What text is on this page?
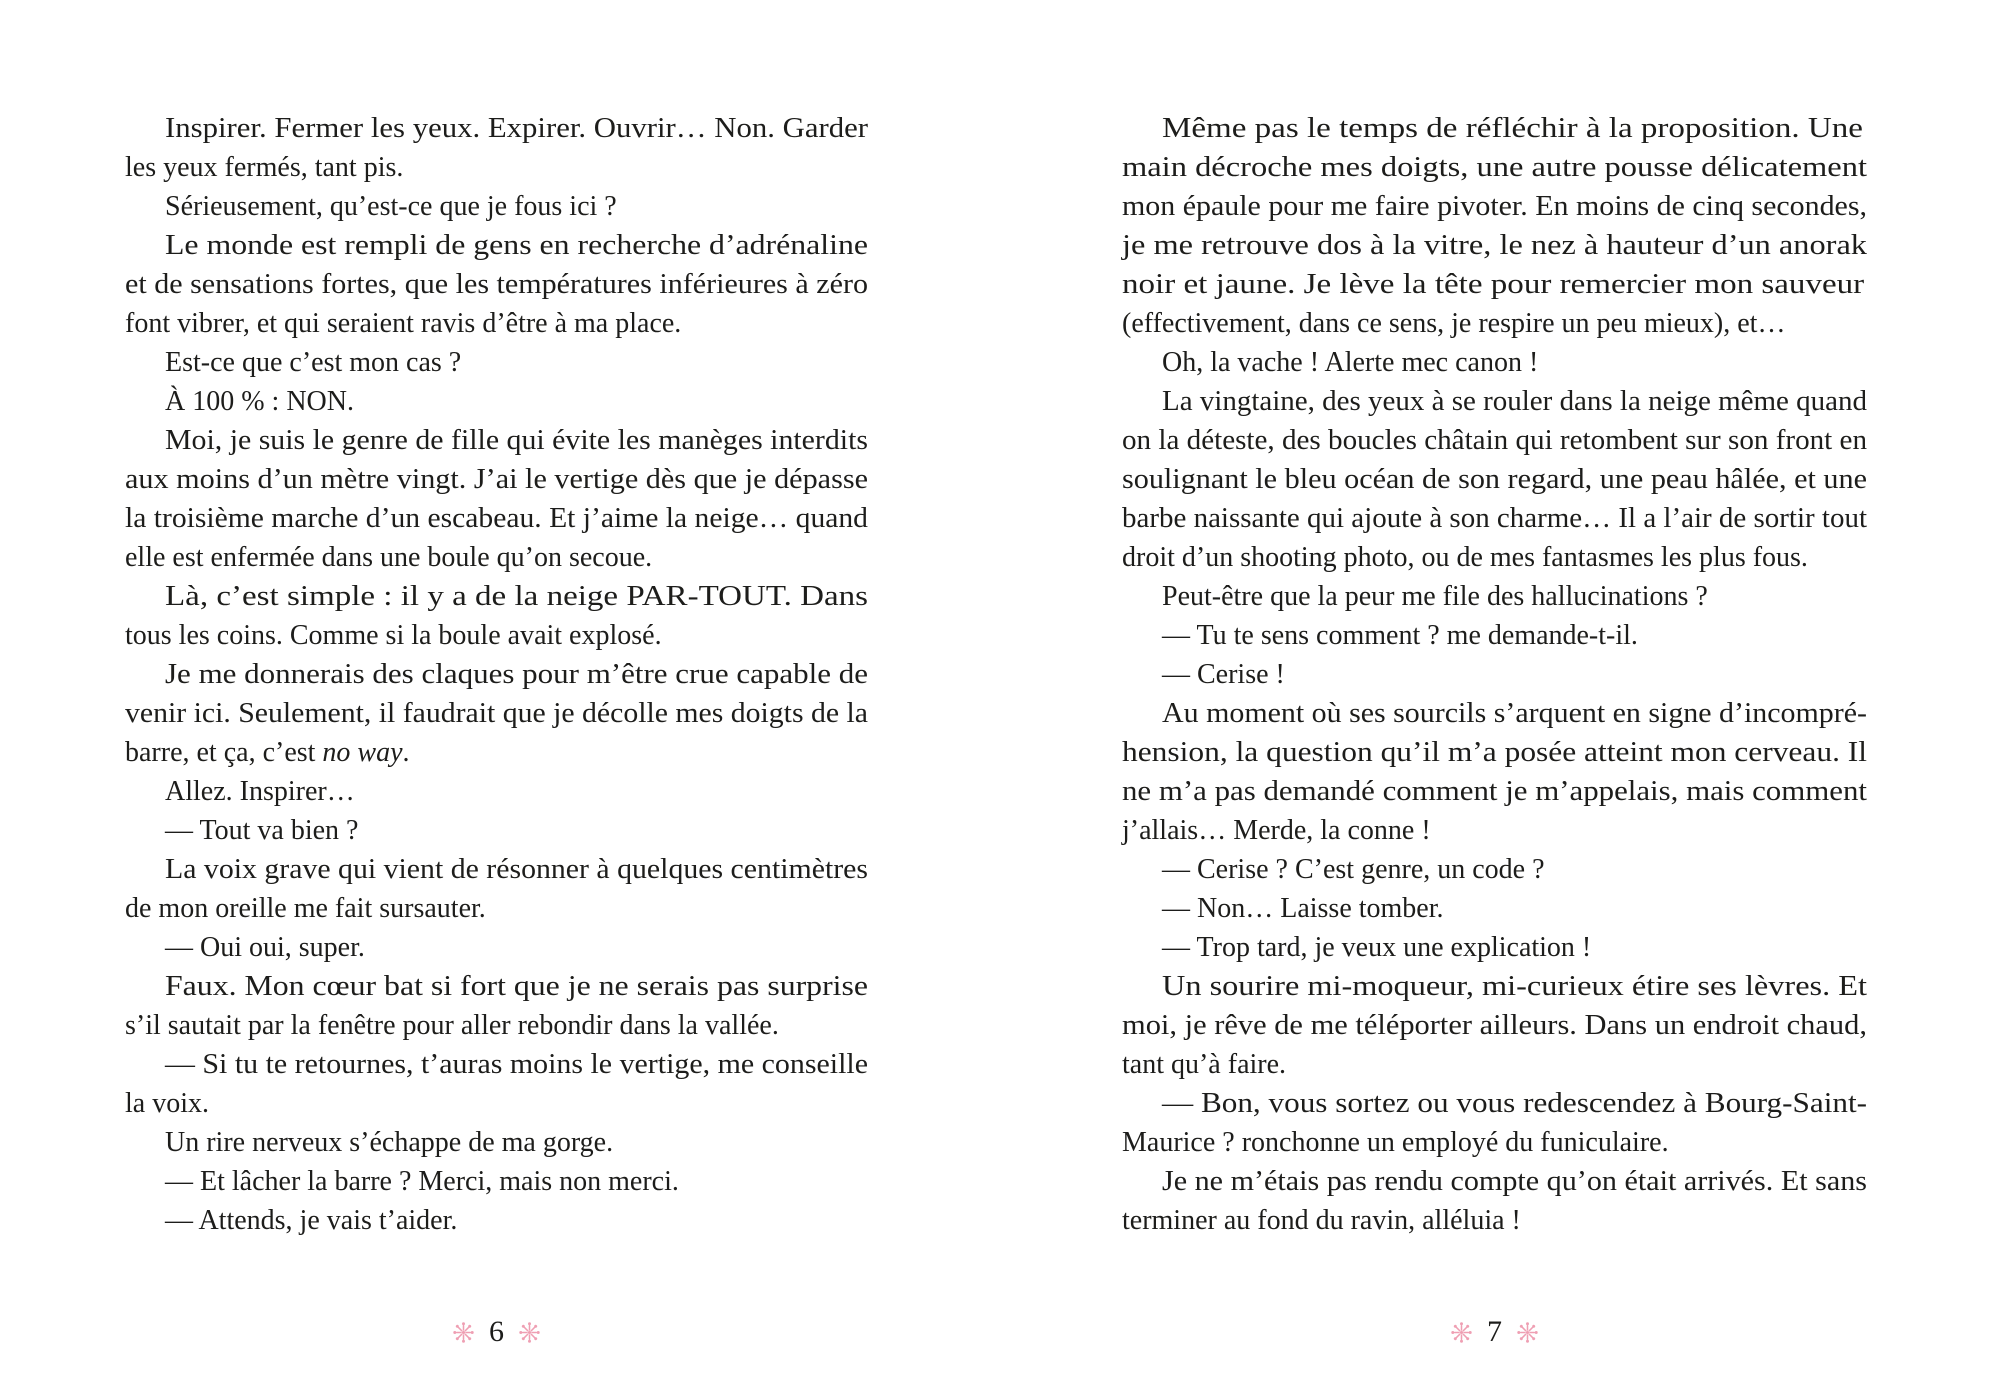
Inspirer. Fermer les yeux. Expirer. Ouvrir… Non. Garder
les yeux fermés, tant pis.
Sérieusement, qu’est-ce que je fous ici ?
Le monde est rempli de gens en recherche d’adrénaline
et de sensations fortes, que les températures inférieures à zéro
font vibrer, et qui seraient ravis d’être à ma place.
Est-ce que c’est mon cas ?
À 100 % : NON.
Moi, je suis le genre de fille qui évite les manèges interdits
aux moins d’un mètre vingt. J’ai le vertige dès que je dépasse
la troisième marche d’un escabeau. Et j’aime la neige… quand
elle est enfermée dans une boule qu’on secoue.
Là, c’est simple : il y a de la neige PAR-TOUT. Dans
tous les coins. Comme si la boule avait explosé.
Je me donnerais des claques pour m’être crue capable de
venir ici. Seulement, il faudrait que je décolle mes doigts de la
barre, et ça, c’est no way.
Allez. Inspirer…
— Tout va bien ?
La voix grave qui vient de résonner à quelques centimètres
de mon oreille me fait sursauter.
— Oui oui, super.
Faux. Mon cœur bat si fort que je ne serais pas surprise
s’il sautait par la fenêtre pour aller rebondir dans la vallée.
— Si tu te retournes, t’auras moins le vertige, me conseille
la voix.
Un rire nerveux s’échappe de ma gorge.
— Et lâcher la barre ? Merci, mais non merci.
— Attends, je vais t’aider.
Même pas le temps de réfléchir à la proposition. Une
main décroche mes doigts, une autre pousse délicatement
mon épaule pour me faire pivoter. En moins de cinq secondes,
je me retrouve dos à la vitre, le nez à hauteur d’un anorak
noir et jaune. Je lève la tête pour remercier mon sauveur
(effectivement, dans ce sens, je respire un peu mieux), et…
Oh, la vache ! Alerte mec canon !
La vingtaine, des yeux à se rouler dans la neige même quand
on la déteste, des boucles châtain qui retombent sur son front en
soulignant le bleu océan de son regard, une peau hâlée, et une
barbe naissante qui ajoute à son charme… Il a l’air de sortir tout
droit d’un shooting photo, ou de mes fantasmes les plus fous.
Peut-être que la peur me file des hallucinations ?
— Tu te sens comment ? me demande-t-il.
— Cerise !
Au moment où ses sourcils s’arquent en signe d’incompré-
hension, la question qu’il m’a posée atteint mon cerveau. Il
ne m’a pas demandé comment je m’appelais, mais comment
j’allais… Merde, la conne !
— Cerise ? C’est genre, un code ?
— Non… Laisse tomber.
— Trop tard, je veux une explication !
Un sourire mi-moqueur, mi-curieux étire ses lèvres. Et
moi, je rêve de me téléporter ailleurs. Dans un endroit chaud,
tant qu’à faire.
— Bon, vous sortez ou vous redescendez à Bourg-Saint-
Maurice ? ronchonne un employé du funiculaire.
Je ne m’étais pas rendu compte qu’on était arrivés. Et sans
terminer au fond du ravin, alléluia !
6	7
